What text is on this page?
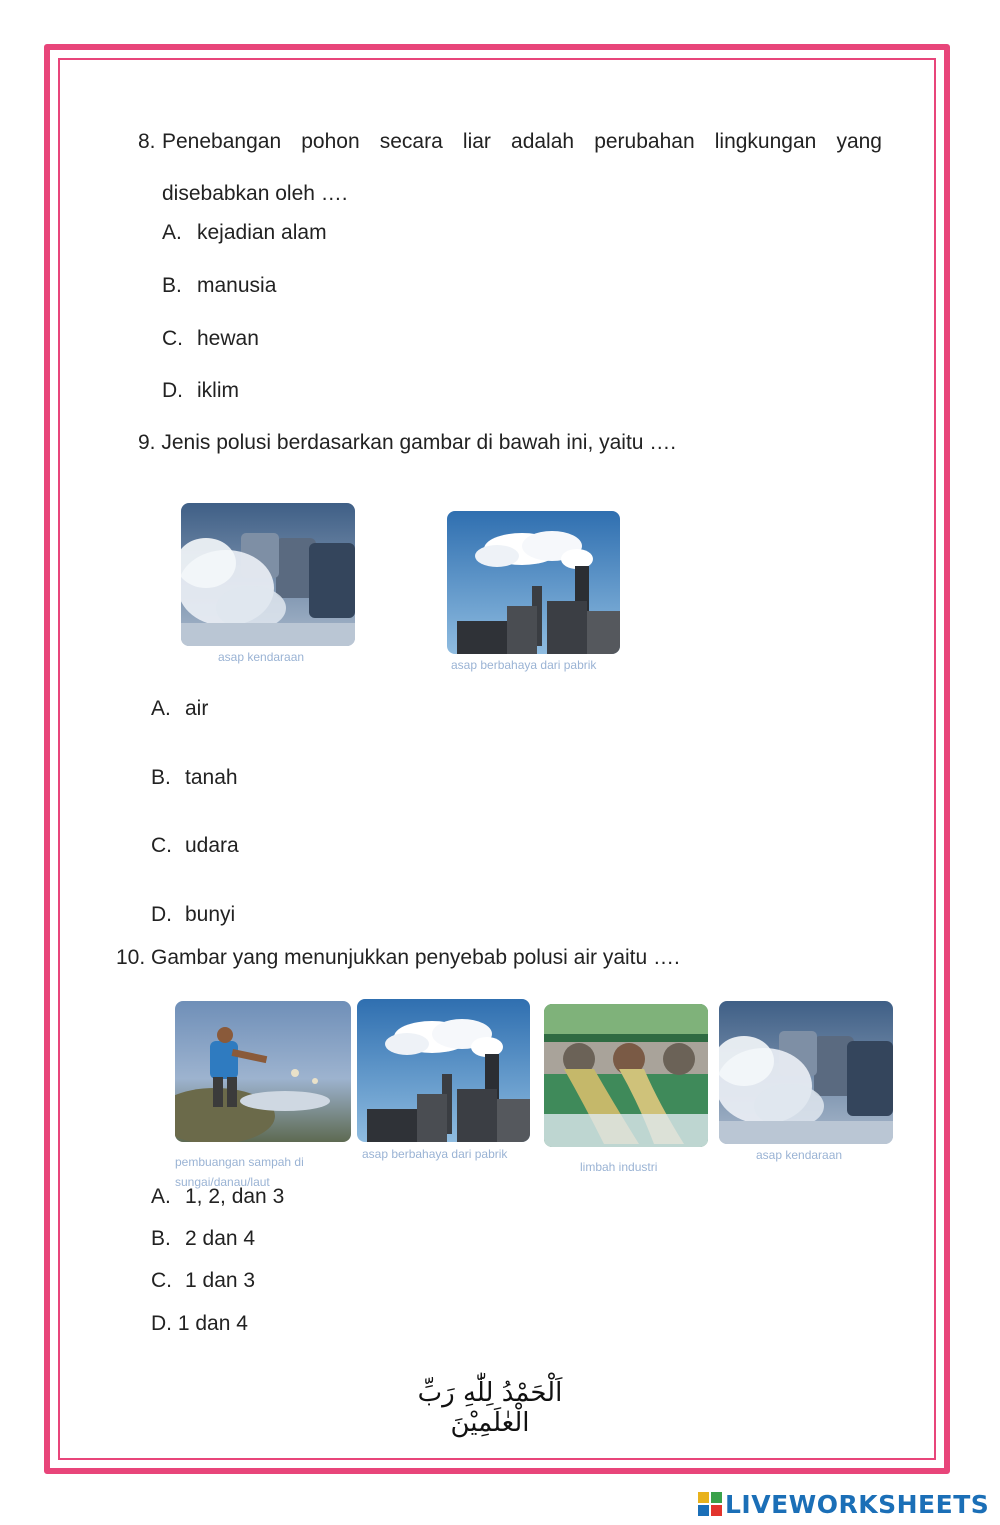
8. Penebangan pohon secara liar adalah perubahan lingkungan yang
disebabkan oleh ….
A. kejadian alam
B. manusia
C. hewan
D. iklim
9. Jenis polusi berdasarkan gambar di bawah ini, yaitu ….
asap kendaraan
asap berbahaya dari pabrik
A. air
B. tanah
C. udara
D. bunyi
10. Gambar yang menunjukkan penyebab polusi air yaitu ….
pembuangan sampah di
sungai/danau/laut
asap berbahaya dari pabrik
limbah industri
asap kendaraan
A. 1, 2, dan 3
B. 2 dan 4
C. 1 dan 3
D. 1 dan 4
اَلْحَمْدُ لِلّٰهِ رَبِّ الْعٰلَمِيْنَ
LIVEWORKSHEETS
